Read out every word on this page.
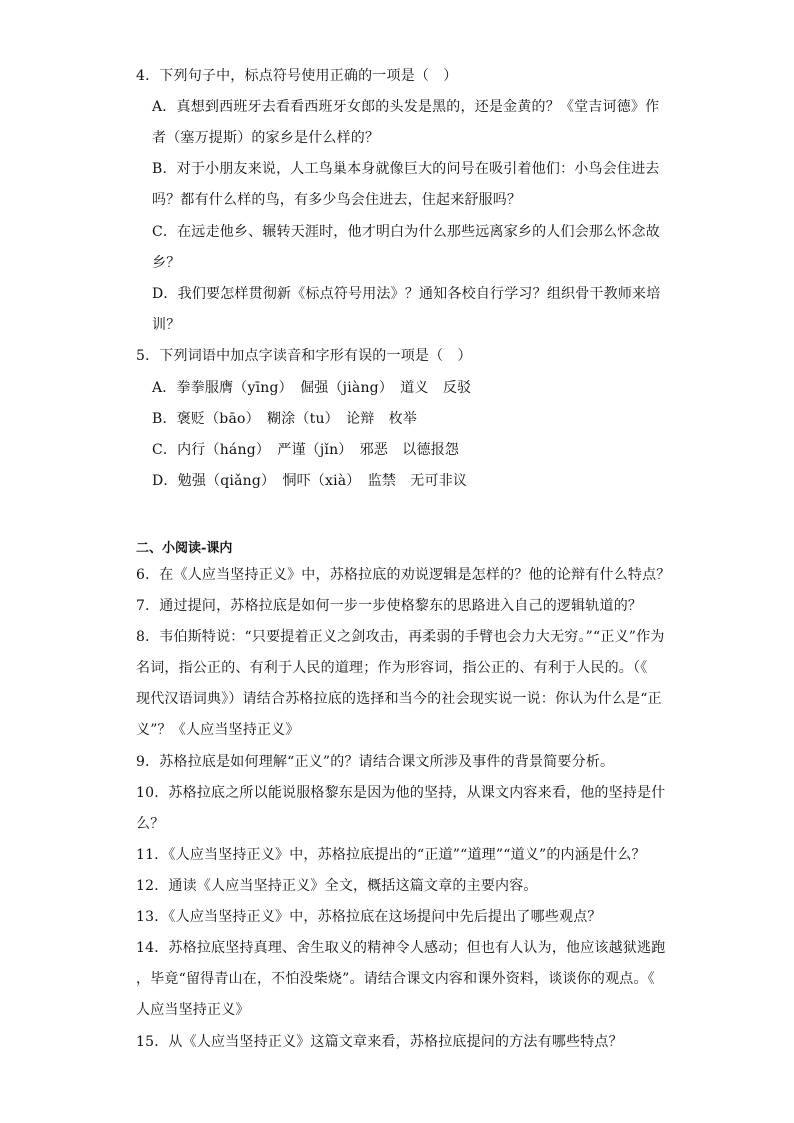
4．下列句子中，标点符号使用正确的一项是（　）
A．真想到西班牙去看看西班牙女郎的头发是黑的，还是金黄的？《堂吉诃德》作
者（塞万提斯）的家乡是什么样的？
B．对于小朋友来说，人工鸟巢本身就像巨大的问号在吸引着他们：小鸟会住进去
吗？都有什么样的鸟，有多少鸟会住进去，住起来舒服吗？
C．在远走他乡、辗转天涯时，他才明白为什么那些远离家乡的人们会那么怀念故
乡？
D．我们要怎样贯彻新《标点符号用法》？通知各校自行学习？组织骨干教师来培
训？
5．下列词语中加点字读音和字形有误的一项是（　）
A．拳拳服膺（yīng）　倔强（jiàng）　道义　反驳
B．褒贬（bāo）　糊涂（tu）　论辩　枚举
C．内行（háng）　严谨（jǐn）　邪恶　以德报怨
D．勉强（qiǎng）　恫吓（xià）　监禁　无可非议
二、小阅读-课内
6．在《人应当坚持正义》中，苏格拉底的劝说逻辑是怎样的？他的论辩有什么特点？
7．通过提问，苏格拉底是如何一步一步使格黎东的思路进入自己的逻辑轨道的？
8．韦伯斯特说：“只要提着正义之剑攻击，再柔弱的手臂也会力大无穷。”“正义”作为
名词，指公正的、有利于人民的道理；作为形容词，指公正的、有利于人民的。（《
现代汉语词典》）请结合苏格拉底的选择和当今的社会现实说一说：你认为什么是“正
义”？《人应当坚持正义》
9．苏格拉底是如何理解“正义”的？请结合课文所涉及事件的背景简要分析。
10．苏格拉底之所以能说服格黎东是因为他的坚持，从课文内容来看，他的坚持是什
么？
11．《人应当坚持正义》中，苏格拉底提出的“正道”“道理”“道义”的内涵是什么？
12．通读《人应当坚持正义》全文，概括这篇文章的主要内容。
13．《人应当坚持正义》中，苏格拉底在这场提问中先后提出了哪些观点？
14．苏格拉底坚持真理、舍生取义的精神令人感动；但也有人认为，他应该越狱逃跑
，毕竟“留得青山在，不怕没柴烧”。请结合课文内容和课外资料，谈谈你的观点。《
人应当坚持正义》
15．从《人应当坚持正义》这篇文章来看，苏格拉底提问的方法有哪些特点？
